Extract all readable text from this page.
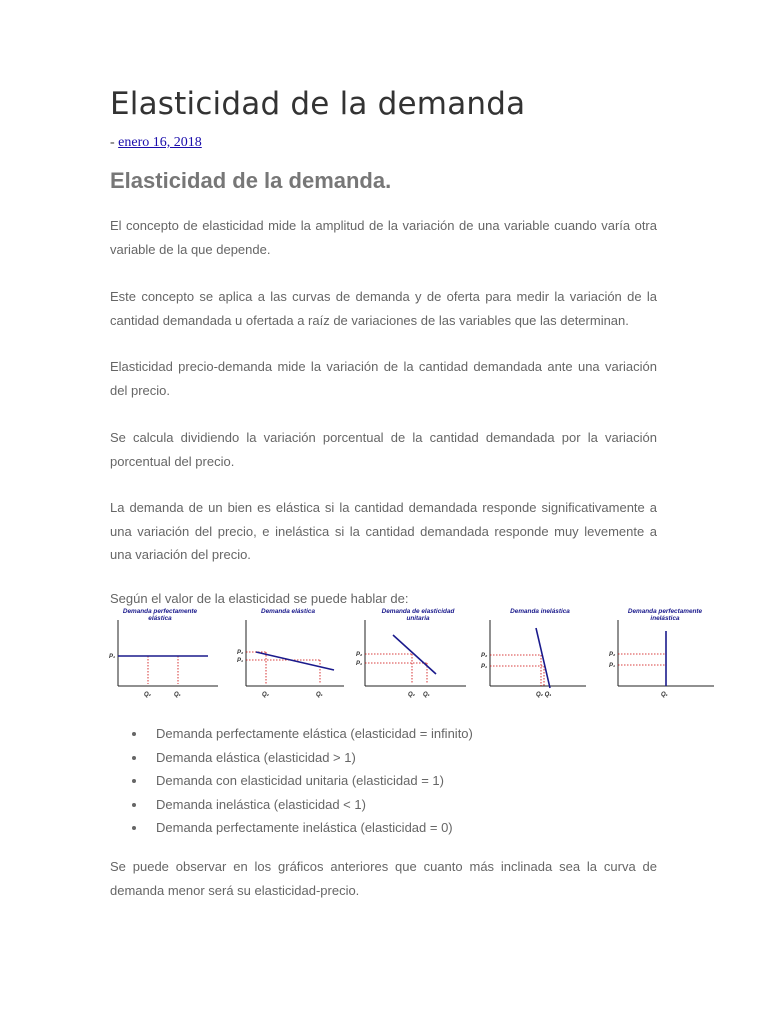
Elasticidad de la demanda
- enero 16, 2018
Elasticidad de la demanda.

El concepto de elasticidad mide la amplitud de la variación de una variable cuando varía otra variable de la que depende.

Este concepto se aplica a las curvas de demanda y de oferta para medir la variación de la cantidad demandada u ofertada a raíz de variaciones de las variables que las determinan.

Elasticidad precio-demanda mide la variación de la cantidad demandada ante una variación del precio.

Se calcula dividiendo la variación porcentual de la cantidad demandada por la variación porcentual del precio.

La demanda de un bien es elástica si la cantidad demandada responde significativamente a una variación del precio, e inelástica si la cantidad demandada responde muy levemente a una variación del precio.

Según el valor de la elasticidad se puede hablar de:
Demanda perfectamente
elástica
P₁
Q₂	Q₁
Demanda elástica
P₂
P₁
Q₂	Q₁
Demanda de elasticidad
unitaria
P₂
P₁
Q₂ Q₁
Demanda inelástica
P₂
P₁
Q₂ Q₁
Demanda perfectamente
inelástica
P₂
P₁
Q₁
Demanda perfectamente elástica (elasticidad = infinito)
Demanda elástica (elasticidad > 1)
Demanda con elasticidad unitaria (elasticidad = 1)
Demanda inelástica (elasticidad < 1)
Demanda perfectamente inelástica (elasticidad = 0)

Se puede observar en los gráficos anteriores que cuanto más inclinada sea la curva de demanda menor será su elasticidad-precio.
